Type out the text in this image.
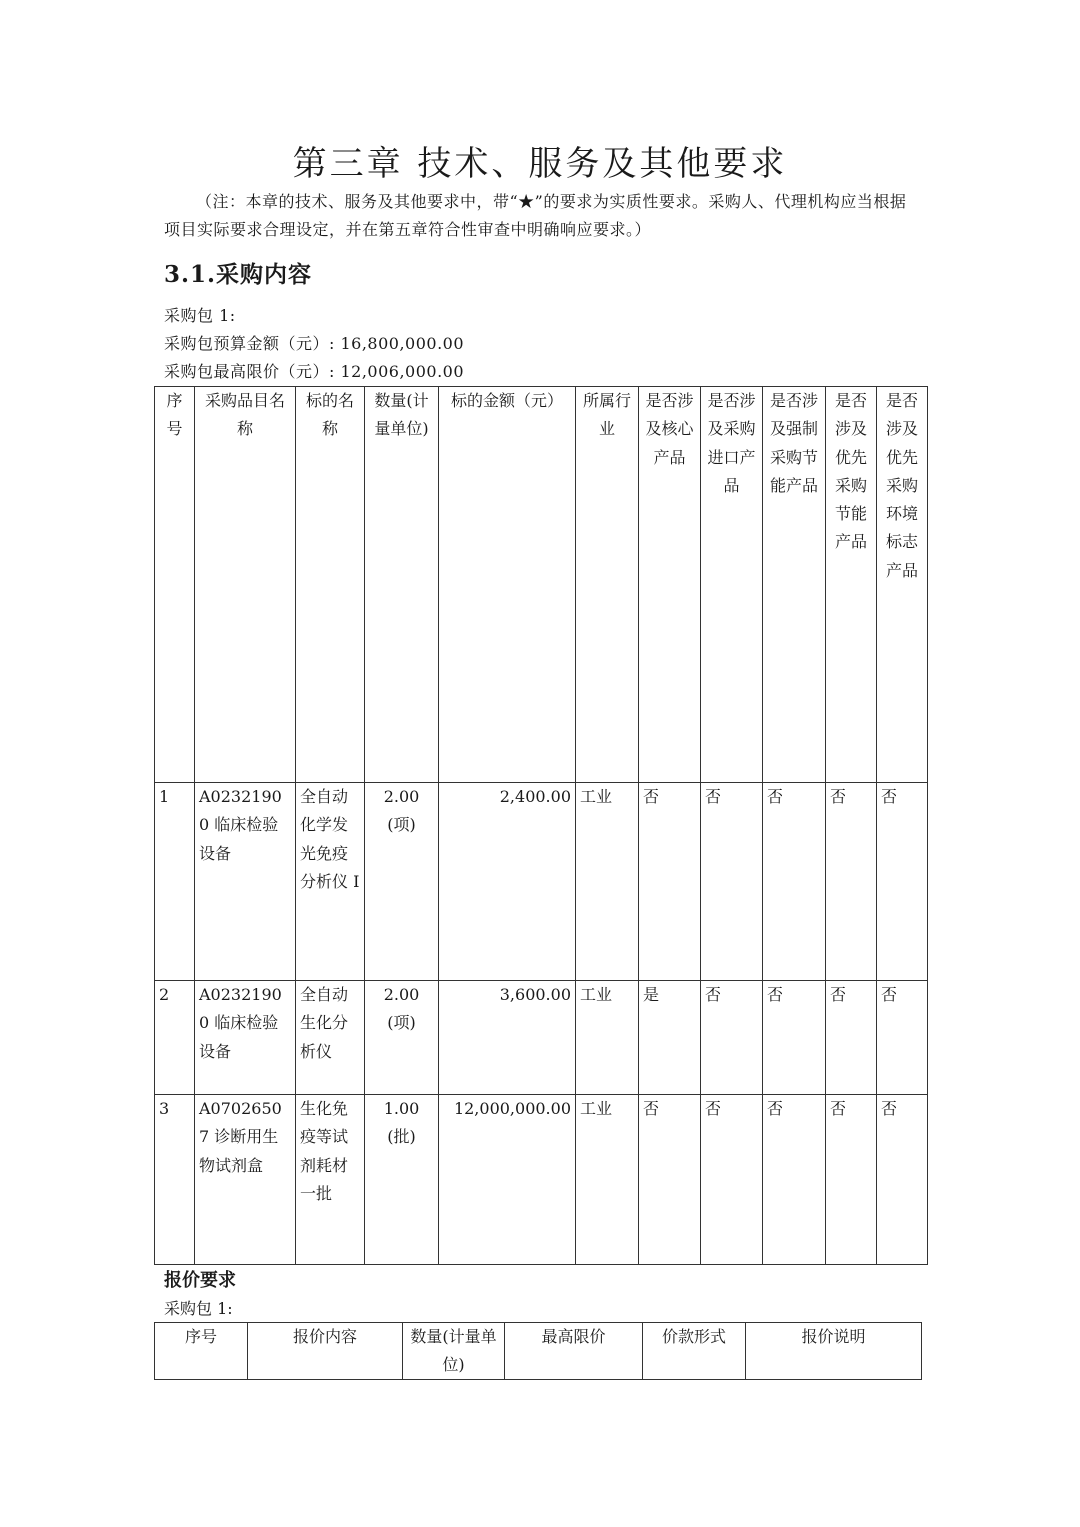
第三章 技术、服务及其他要求
（注：本章的技术、服务及其他要求中，带“★”的要求为实质性要求。采购人、代理机构应当根据项目实际要求合理设定，并在第五章符合性审查中明确响应要求。）
3.1.采购内容
采购包 1:
采购包预算金额（元）: 16,800,000.00
采购包最高限价（元）: 12,006,000.00
序号	采购品目名称	标的名称	数量(计量单位)	标的金额（元）	所属行业	是否涉及核心产品	是否涉及采购进口产品	是否涉及强制采购节能产品	是否涉及优先采购节能产品	是否涉及优先采购环境标志产品
1	A02321900 临床检验设备	全自动化学发光免疫分析仪 I	2.00 (项)	2,400.00	工业	否	否	否	否	否
2	A02321900 临床检验设备	全自动生化分析仪	2.00 (项)	3,600.00	工业	是	否	否	否	否
3	A07026507 诊断用生物试剂盒	生化免疫等试剂耗材一批	1.00 (批)	12,000,000.00	工业	否	否	否	否	否
报价要求
采购包 1:
序号	报价内容	数量(计量单位)	最高限价	价款形式	报价说明
